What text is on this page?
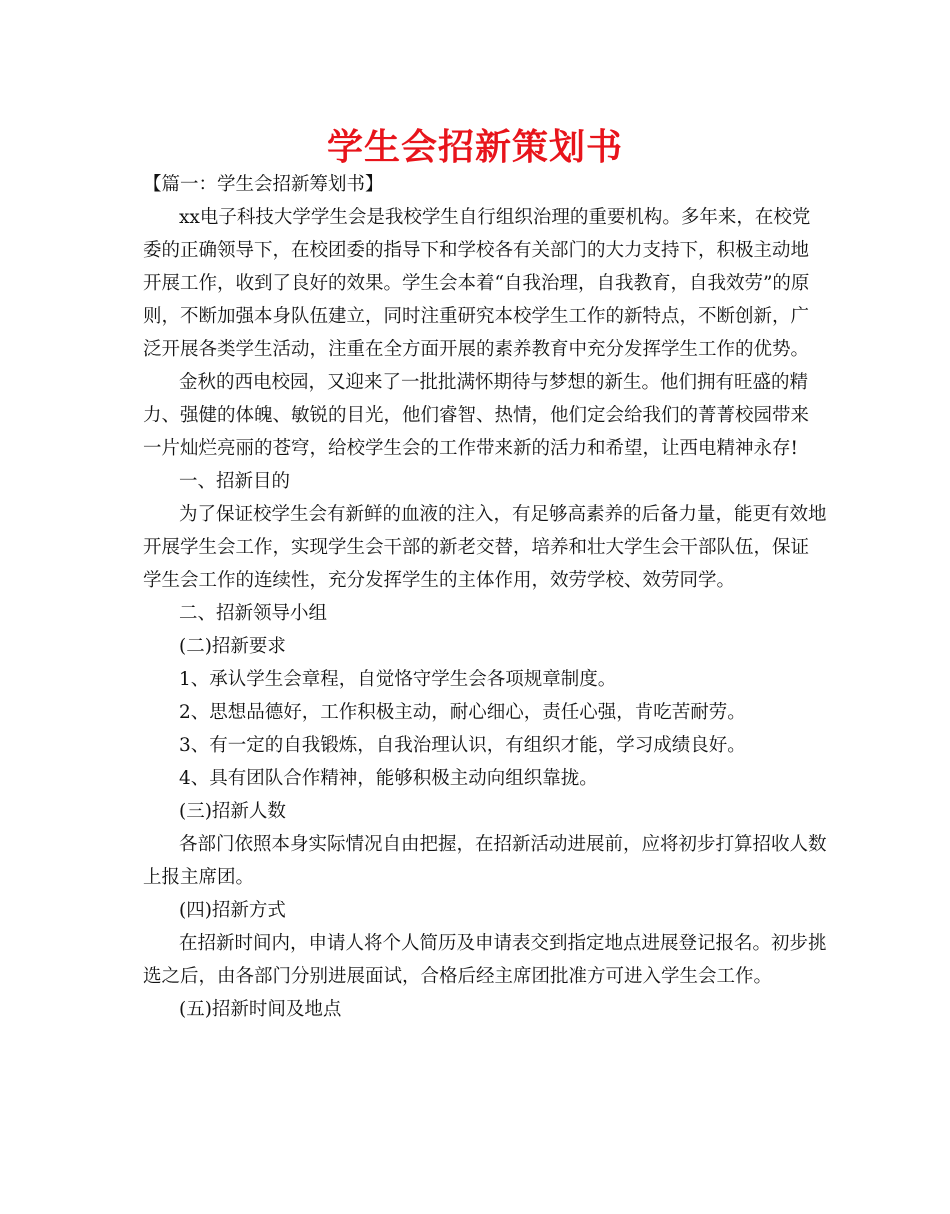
学生会招新策划书

【篇一：学生会招新筹划书】

xx电子科技大学学生会是我校学生自行组织治理的重要机构。多年来，在校党委的正确领导下，在校团委的指导下和学校各有关部门的大力支持下，积极主动地开展工作，收到了良好的效果。学生会本着“自我治理，自我教育，自我效劳”的原则，不断加强本身队伍建立，同时注重研究本校学生工作的新特点，不断创新，广泛开展各类学生活动，注重在全方面开展的素养教育中充分发挥学生工作的优势。

金秋的西电校园，又迎来了一批批满怀期待与梦想的新生。他们拥有旺盛的精力、强健的体魄、敏锐的目光，他们睿智、热情，他们定会给我们的菁菁校园带来一片灿烂亮丽的苍穹，给校学生会的工作带来新的活力和希望，让西电精神永存!

一、招新目的

为了保证校学生会有新鲜的血液的注入，有足够高素养的后备力量，能更有效地开展学生会工作，实现学生会干部的新老交替，培养和壮大学生会干部队伍，保证学生会工作的连续性，充分发挥学生的主体作用，效劳学校、效劳同学。

二、招新领导小组

(二)招新要求

1、承认学生会章程，自觉恪守学生会各项规章制度。

2、思想品德好，工作积极主动，耐心细心，责任心强，肯吃苦耐劳。

3、有一定的自我锻炼，自我治理认识，有组织才能，学习成绩良好。

4、具有团队合作精神，能够积极主动向组织靠拢。

(三)招新人数

各部门依照本身实际情况自由把握，在招新活动进展前，应将初步打算招收人数上报主席团。

(四)招新方式

在招新时间内，申请人将个人简历及申请表交到指定地点进展登记报名。初步挑选之后，由各部门分别进展面试，合格后经主席团批准方可进入学生会工作。

(五)招新时间及地点
